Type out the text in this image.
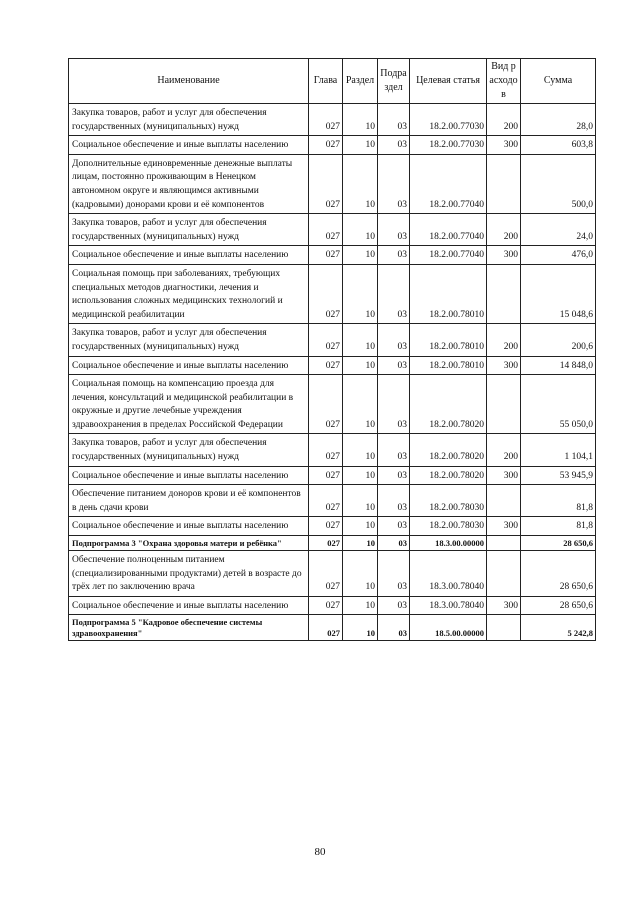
Наименование	Глава	Раздел	Подраздел	Целевая статья	Вид расходов	Сумма
Закупка товаров, работ и услуг для обеспечения государственных (муниципальных) нужд	027	10	03	18.2.00.77030	200	28,0
Социальное обеспечение и иные выплаты населению	027	10	03	18.2.00.77030	300	603,8
Дополнительные единовременные денежные выплаты лицам, постоянно проживающим в Ненецком автономном округе и являющимся активными (кадровыми) донорами крови и её компонентов	027	10	03	18.2.00.77040		500,0
Закупка товаров, работ и услуг для обеспечения государственных (муниципальных) нужд	027	10	03	18.2.00.77040	200	24,0
Социальное обеспечение и иные выплаты населению	027	10	03	18.2.00.77040	300	476,0
Социальная помощь при заболеваниях, требующих специальных методов диагностики, лечения и использования сложных медицинских технологий и медицинской реабилитации	027	10	03	18.2.00.78010		15 048,6
Закупка товаров, работ и услуг для обеспечения государственных (муниципальных) нужд	027	10	03	18.2.00.78010	200	200,6
Социальное обеспечение и иные выплаты населению	027	10	03	18.2.00.78010	300	14 848,0
Социальная помощь на компенсацию проезда для лечения, консультаций и медицинской реабилитации в окружные и другие лечебные учреждения здравоохранения в пределах Российской Федерации	027	10	03	18.2.00.78020		55 050,0
Закупка товаров, работ и услуг для обеспечения государственных (муниципальных) нужд	027	10	03	18.2.00.78020	200	1 104,1
Социальное обеспечение и иные выплаты населению	027	10	03	18.2.00.78020	300	53 945,9
Обеспечение питанием доноров крови и её компонентов в день сдачи крови	027	10	03	18.2.00.78030		81,8
Социальное обеспечение и иные выплаты населению	027	10	03	18.2.00.78030	300	81,8
Подпрограмма 3 "Охрана здоровья матери и ребёнка"	027	10	03	18.3.00.00000		28 650,6
Обеспечение полноценным питанием (специализированными продуктами) детей в возрасте до трёх лет по заключению врача	027	10	03	18.3.00.78040		28 650,6
Социальное обеспечение и иные выплаты населению	027	10	03	18.3.00.78040	300	28 650,6
Подпрограмма 5 "Кадровое обеспечение системы здравоохранения"	027	10	03	18.5.00.00000		5 242,8
80
